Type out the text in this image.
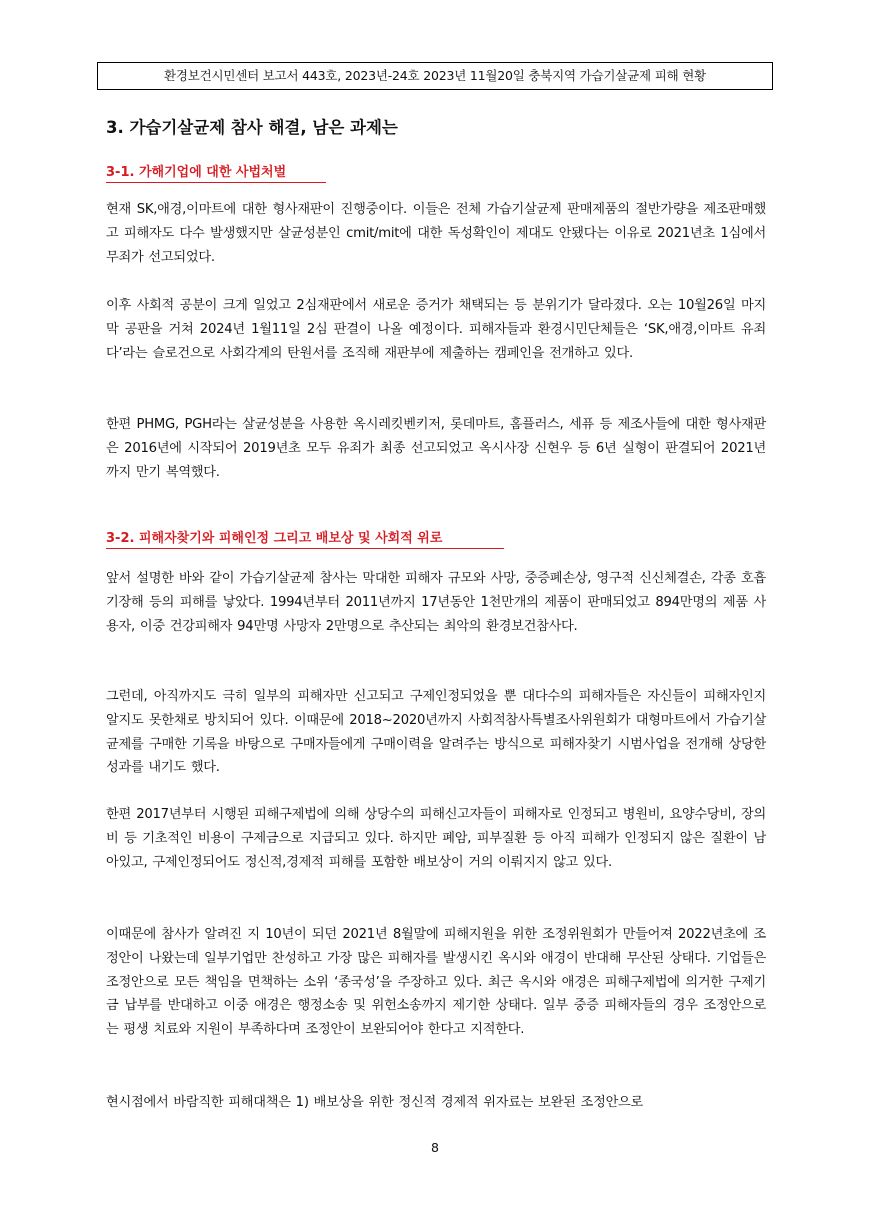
환경보건시민센터 보고서 443호, 2023년-24호 2023년 11월20일 충북지역 가습기살균제 피해 현황
3. 가습기살균제 참사 해결, 남은 과제는
3-1. 가해기업에 대한 사법처벌

현재 SK,애경,이마트에 대한 형사재판이 진행중이다. 이들은 전체 가습기살균제 판매제품의 절반가량을 제조판매했고 피해자도 다수 발생했지만 살균성분인 cmit/mit에 대한 독성확인이 제대도 안됐다는 이유로 2021년초 1심에서 무죄가 선고되었다.

이후 사회적 공분이 크게 일었고 2심재판에서 새로운 증거가 채택되는 등 분위기가 달라졌다. 오는 10월26일 마지막 공판을 거쳐 2024년 1월11일 2심 판결이 나올 예정이다. 피해자들과 환경시민단체들은 ‘SK,애경,이마트 유죄다’라는 슬로건으로 사회각계의 탄원서를 조직해 재판부에 제출하는 캠페인을 전개하고 있다.

한편 PHMG, PGH라는 살균성분을 사용한 옥시레킷벤키저, 롯데마트, 홈플러스, 세퓨 등 제조사들에 대한 형사재판은 2016년에 시작되어 2019년초 모두 유죄가 최종 선고되었고 옥시사장 신현우 등 6년 실형이 판결되어 2021년까지 만기 복역했다.

3-2. 피해자찾기와 피해인정 그리고 배보상 및 사회적 위로

앞서 설명한 바와 같이 가습기살균제 참사는 막대한 피해자 규모와 사망, 중증폐손상, 영구적 신신체결손, 각종 호흡기장해 등의 피해를 낳았다. 1994년부터 2011년까지 17년동안 1천만개의 제품이 판매되었고 894만명의 제품 사용자, 이중 건강피해자 94만명 사망자 2만명으로 추산되는 최악의 환경보건참사다.

그런데, 아직까지도 극히 일부의 피해자만 신고되고 구제인정되었을 뿐 대다수의 피해자들은 자신들이 피해자인지 알지도 못한채로 방치되어 있다. 이때문에 2018~2020년까지 사회적참사특별조사위원회가 대형마트에서 가습기살균제를 구매한 기록을 바탕으로 구매자들에게 구매이력을 알려주는 방식으로 피해자찾기 시범사업을 전개해 상당한 성과를 내기도 했다.

한편 2017년부터 시행된 피해구제법에 의해 상당수의 피해신고자들이 피해자로 인정되고 병원비, 요양수당비, 장의비 등 기초적인 비용이 구제금으로 지급되고 있다. 하지만 폐암, 피부질환 등 아직 피해가 인정되지 않은 질환이 남아있고, 구제인정되어도 정신적,경제적 피해를 포함한 배보상이 거의 이뤄지지 않고 있다.

이때문에 참사가 알려진 지 10년이 되던 2021년 8월말에 피해지원을 위한 조정위원회가 만들어져 2022년초에 조정안이 나왔는데 일부기업만 찬성하고 가장 많은 피해자를 발생시킨 옥시와 애경이 반대해 무산된 상태다. 기업들은 조정안으로 모든 책임을 면책하는 소위 ‘종국성’을 주장하고 있다. 최근 옥시와 애경은 피해구제법에 의거한 구제기금 납부를 반대하고 이중 애경은 행정소송 및 위헌소송까지 제기한 상태다. 일부 중증 피해자들의 경우 조정안으로는 평생 치료와 지원이 부족하다며 조정안이 보완되어야 한다고 지적한다.

현시점에서 바람직한 피해대책은 1) 배보상을 위한 정신적 경제적 위자료는 보완된 조정안으로

8
